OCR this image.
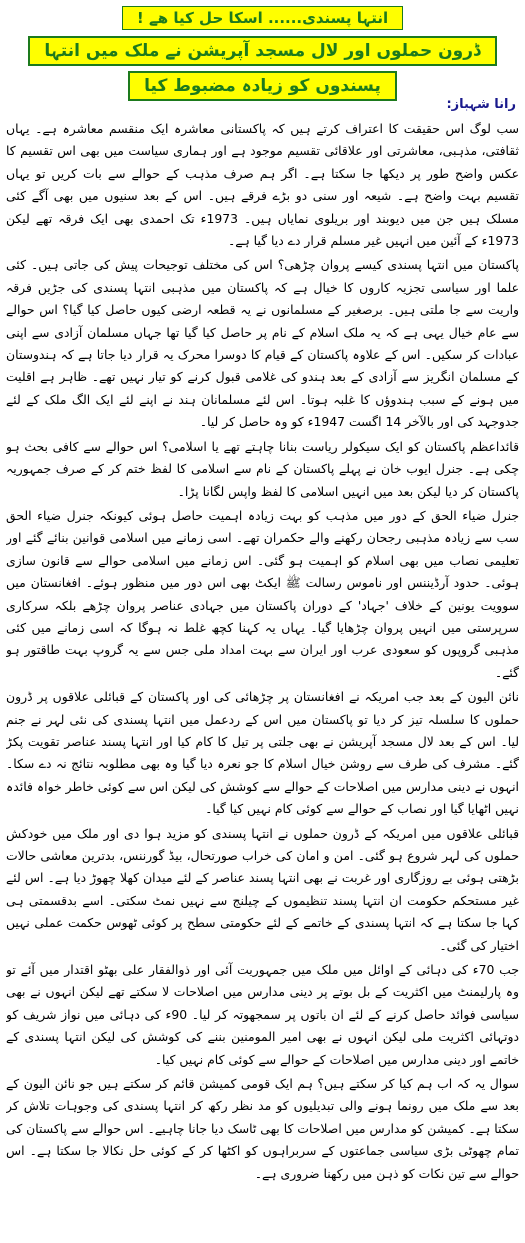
انتہا پسندی...... اسکا حل کیا ھے !
ڈرون حملوں اور لال مسجد آپریشن نے ملک میں انتہا
پسندوں کو زیادہ مضبوط کیا
رانا شہباز:

سب لوگ اس حقیقت کا اعتراف کرتے ہیں کہ پاکستانی معاشرہ ایک منقسم معاشرہ ہے۔ یہاں ثقافتی، مذہبی، معاشرتی اور علاقائی تقسیم موجود ہے اور ہماری سیاست میں بھی اس تقسیم کا عکس واضح طور پر دیکھا جا سکتا ہے۔ اگر ہم صرف مذہب کے حوالے سے بات کریں تو یہاں تقسیم بہت واضح ہے۔ شیعہ اور سنی دو بڑے فرقے ہیں۔ اس کے بعد سنیوں میں بھی آگے کئی مسلک ہیں جن میں دیوبند اور بریلوی نمایاں ہیں۔ 1973ء تک احمدی بھی ایک فرقہ تھے لیکن 1973ء کے آئین میں انہیں غیر مسلم قرار دے دیا گیا ہے۔

پاکستان میں انتہا پسندی کیسے پروان چڑھی؟ اس کی مختلف توجیحات پیش کی جاتی ہیں۔ کئی علما اور سیاسی تجزیہ کاروں کا خیال ہے کہ پاکستان میں مذہبی انتہا پسندی کی جڑیں فرقہ واریت سے جا ملتی ہیں۔ برصغیر کے مسلمانوں نے یہ قطعہ ارضی کیوں حاصل کیا گیا؟ اس حوالے سے عام خیال یہی ہے کہ یہ ملک اسلام کے نام پر حاصل کیا گیا تھا جہاں مسلمان آزادی سے اپنی عبادات کر سکیں۔ اس کے علاوہ پاکستان کے قیام کا دوسرا محرک یہ قرار دیا جاتا ہے کہ ہندوستان کے مسلمان انگریز سے آزادی کے بعد ہندو کی غلامی قبول کرنے کو تیار نہیں تھے۔ ظاہر ہے اقلیت میں ہونے کے سبب ہندوؤں کا غلبہ ہوتا۔ اس لئے مسلمانان ہند نے اپنے لئے ایک الگ ملک کے لئے جدوجہد کی اور بالآخر 14 اگست 1947ء کو وہ حاصل کر لیا۔

قائداعظم پاکستان کو ایک سیکولر ریاست بنانا چاہتے تھے یا اسلامی؟ اس حوالے سے کافی بحث ہو چکی ہے۔ جنرل ایوب خان نے پہلے پاکستان کے نام سے اسلامی کا لفظ ختم کر کے صرف جمہوریہ پاکستان کر دیا لیکن بعد میں انہیں اسلامی کا لفظ واپس لگانا پڑا۔

جنرل ضیاء الحق کے دور میں مذہب کو بہت زیادہ اہمیت حاصل ہوئی کیونکہ جنرل ضیاء الحق سب سے زیادہ مذہبی رجحان رکھنے والے حکمران تھے۔ اسی زمانے میں اسلامی قوانین بنائے گئے اور تعلیمی نصاب میں بھی اسلام کو اہمیت ہو گئی۔ اس زمانے میں اسلامی حوالے سے قانون سازی ہوئی۔ حدود آرڈیننس اور ناموس رسالت ﷺ ایکٹ بھی اس دور میں منظور ہوئے۔ افغانستان میں سوویت یونین کے خلاف 'جہاد' کے دوران پاکستان میں جہادی عناصر پروان چڑھے بلکہ سرکاری سرپرستی میں انہیں پروان چڑھایا گیا۔ یہاں یہ کہنا کچھ غلط نہ ہوگا کہ اسی زمانے میں کئی مذہبی گروپوں کو سعودی عرب اور ایران سے بہت امداد ملی جس سے یہ گروپ بہت طاقتور ہو گئے۔

نائن الیون کے بعد جب امریکہ نے افغانستان پر چڑھائی کی اور پاکستان کے قبائلی علاقوں پر ڈرون حملوں کا سلسلہ تیز کر دیا تو پاکستان میں اس کے ردعمل میں انتہا پسندی کی نئی لہر نے جنم لیا۔ اس کے بعد لال مسجد آپریشن نے بھی جلتی پر تیل کا کام کیا اور انتہا پسند عناصر تقویت پکڑ گئے۔ مشرف کی طرف سے روشن خیال اسلام کا جو نعرہ دیا گیا وہ بھی مطلوبہ نتائج نہ دے سکا۔ انہوں نے دینی مدارس میں اصلاحات کے حوالے سے کوشش کی لیکن اس سے کوئی خاطر خواہ فائدہ نہیں اٹھایا گیا اور نصاب کے حوالے سے کوئی کام نہیں کیا گیا۔

قبائلی علاقوں میں امریکہ کے ڈرون حملوں نے انتہا پسندی کو مزید ہوا دی اور ملک میں خودکش حملوں کی لہر شروع ہو گئی۔ امن و امان کی خراب صورتحال، بیڈ گورننس، بدترین معاشی حالات بڑھتی ہوئی بے روزگاری اور غربت نے بھی انتہا پسند عناصر کے لئے میدان کھلا چھوڑ دیا ہے۔ اس لئے غیر مستحکم حکومت ان انتہا پسند تنظیموں کے چیلنج سے نہیں نمٹ سکتی۔ اسے بدقسمتی ہی کہا جا سکتا ہے کہ انتہا پسندی کے خاتمے کے لئے حکومتی سطح پر کوئی ٹھوس حکمت عملی نہیں اختیار کی گئی۔

جب 70ء کی دہائی کے اوائل میں ملک میں جمہوریت آئی اور ذوالفقار علی بھٹو اقتدار میں آئے تو وہ پارلیمنٹ میں اکثریت کے بل بوتے پر دینی مدارس میں اصلاحات لا سکتے تھے لیکن انہوں نے بھی سیاسی فوائد حاصل کرنے کے لئے ان باتوں پر سمجھوتہ کر لیا۔ 90ء کی دہائی میں نواز شریف کو دوتہائی اکثریت ملی لیکن انہوں نے بھی امیر المومنین بننے کی کوشش کی لیکن انتہا پسندی کے خاتمے اور دینی مدارس میں اصلاحات کے حوالے سے کوئی کام نہیں کیا۔

سوال یہ کہ اب ہم کیا کر سکتے ہیں؟ ہم ایک قومی کمیشن قائم کر سکتے ہیں جو نائن الیون کے بعد سے ملک میں رونما ہونے والی تبدیلیوں کو مد نظر رکھ کر انتہا پسندی کی وجوہات تلاش کر سکتا ہے۔ کمیشن کو مدارس میں اصلاحات کا بھی ٹاسک دیا جانا چاہیے۔ اس حوالے سے پاکستان کی تمام چھوٹی بڑی سیاسی جماعتوں کے سربراہوں کو اکٹھا کر کے کوئی حل نکالا جا سکتا ہے۔ اس حوالے سے تین نکات کو ذہن میں رکھنا ضروری ہے۔
